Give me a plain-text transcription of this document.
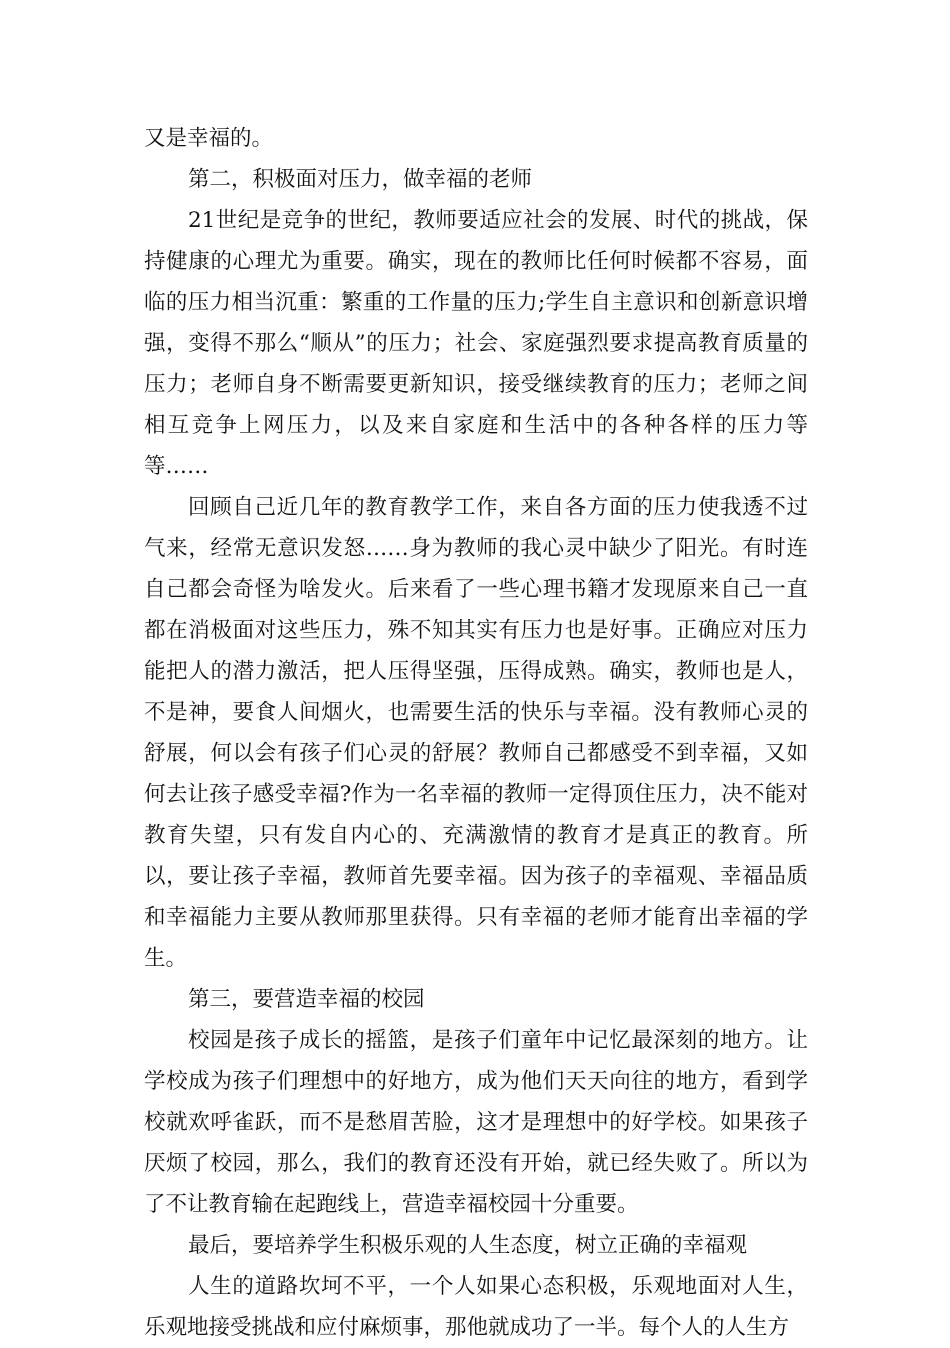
又是幸福的。

第二，积极面对压力，做幸福的老师

21世纪是竞争的世纪，教师要适应社会的发展、时代的挑战，保持健康的心理尤为重要。确实，现在的教师比任何时候都不容易，面临的压力相当沉重：繁重的工作量的压力;学生自主意识和创新意识增强，变得不那么“顺从”的压力；社会、家庭强烈要求提高教育质量的压力；老师自身不断需要更新知识，接受继续教育的压力；老师之间相互竞争上网压力，以及来自家庭和生活中的各种各样的压力等等……

回顾自己近几年的教育教学工作，来自各方面的压力使我透不过气来，经常无意识发怒……身为教师的我心灵中缺少了阳光。有时连自己都会奇怪为啥发火。后来看了一些心理书籍才发现原来自己一直都在消极面对这些压力，殊不知其实有压力也是好事。正确应对压力能把人的潜力激活，把人压得坚强，压得成熟。确实，教师也是人，不是神，要食人间烟火，也需要生活的快乐与幸福。没有教师心灵的舒展，何以会有孩子们心灵的舒展？教师自己都感受不到幸福，又如何去让孩子感受幸福?作为一名幸福的教师一定得顶住压力，决不能对教育失望，只有发自内心的、充满激情的教育才是真正的教育。所以，要让孩子幸福，教师首先要幸福。因为孩子的幸福观、幸福品质和幸福能力主要从教师那里获得。只有幸福的老师才能育出幸福的学生。

第三，要营造幸福的校园

校园是孩子成长的摇篮，是孩子们童年中记忆最深刻的地方。让学校成为孩子们理想中的好地方，成为他们天天向往的地方，看到学校就欢呼雀跃，而不是愁眉苦脸，这才是理想中的好学校。如果孩子厌烦了校园，那么，我们的教育还没有开始，就已经失败了。所以为了不让教育输在起跑线上，营造幸福校园十分重要。

最后，要培养学生积极乐观的人生态度，树立正确的幸福观

人生的道路坎坷不平，一个人如果心态积极，乐观地面对人生，乐观地接受挑战和应付麻烦事，那他就成功了一半。每个人的人生方
